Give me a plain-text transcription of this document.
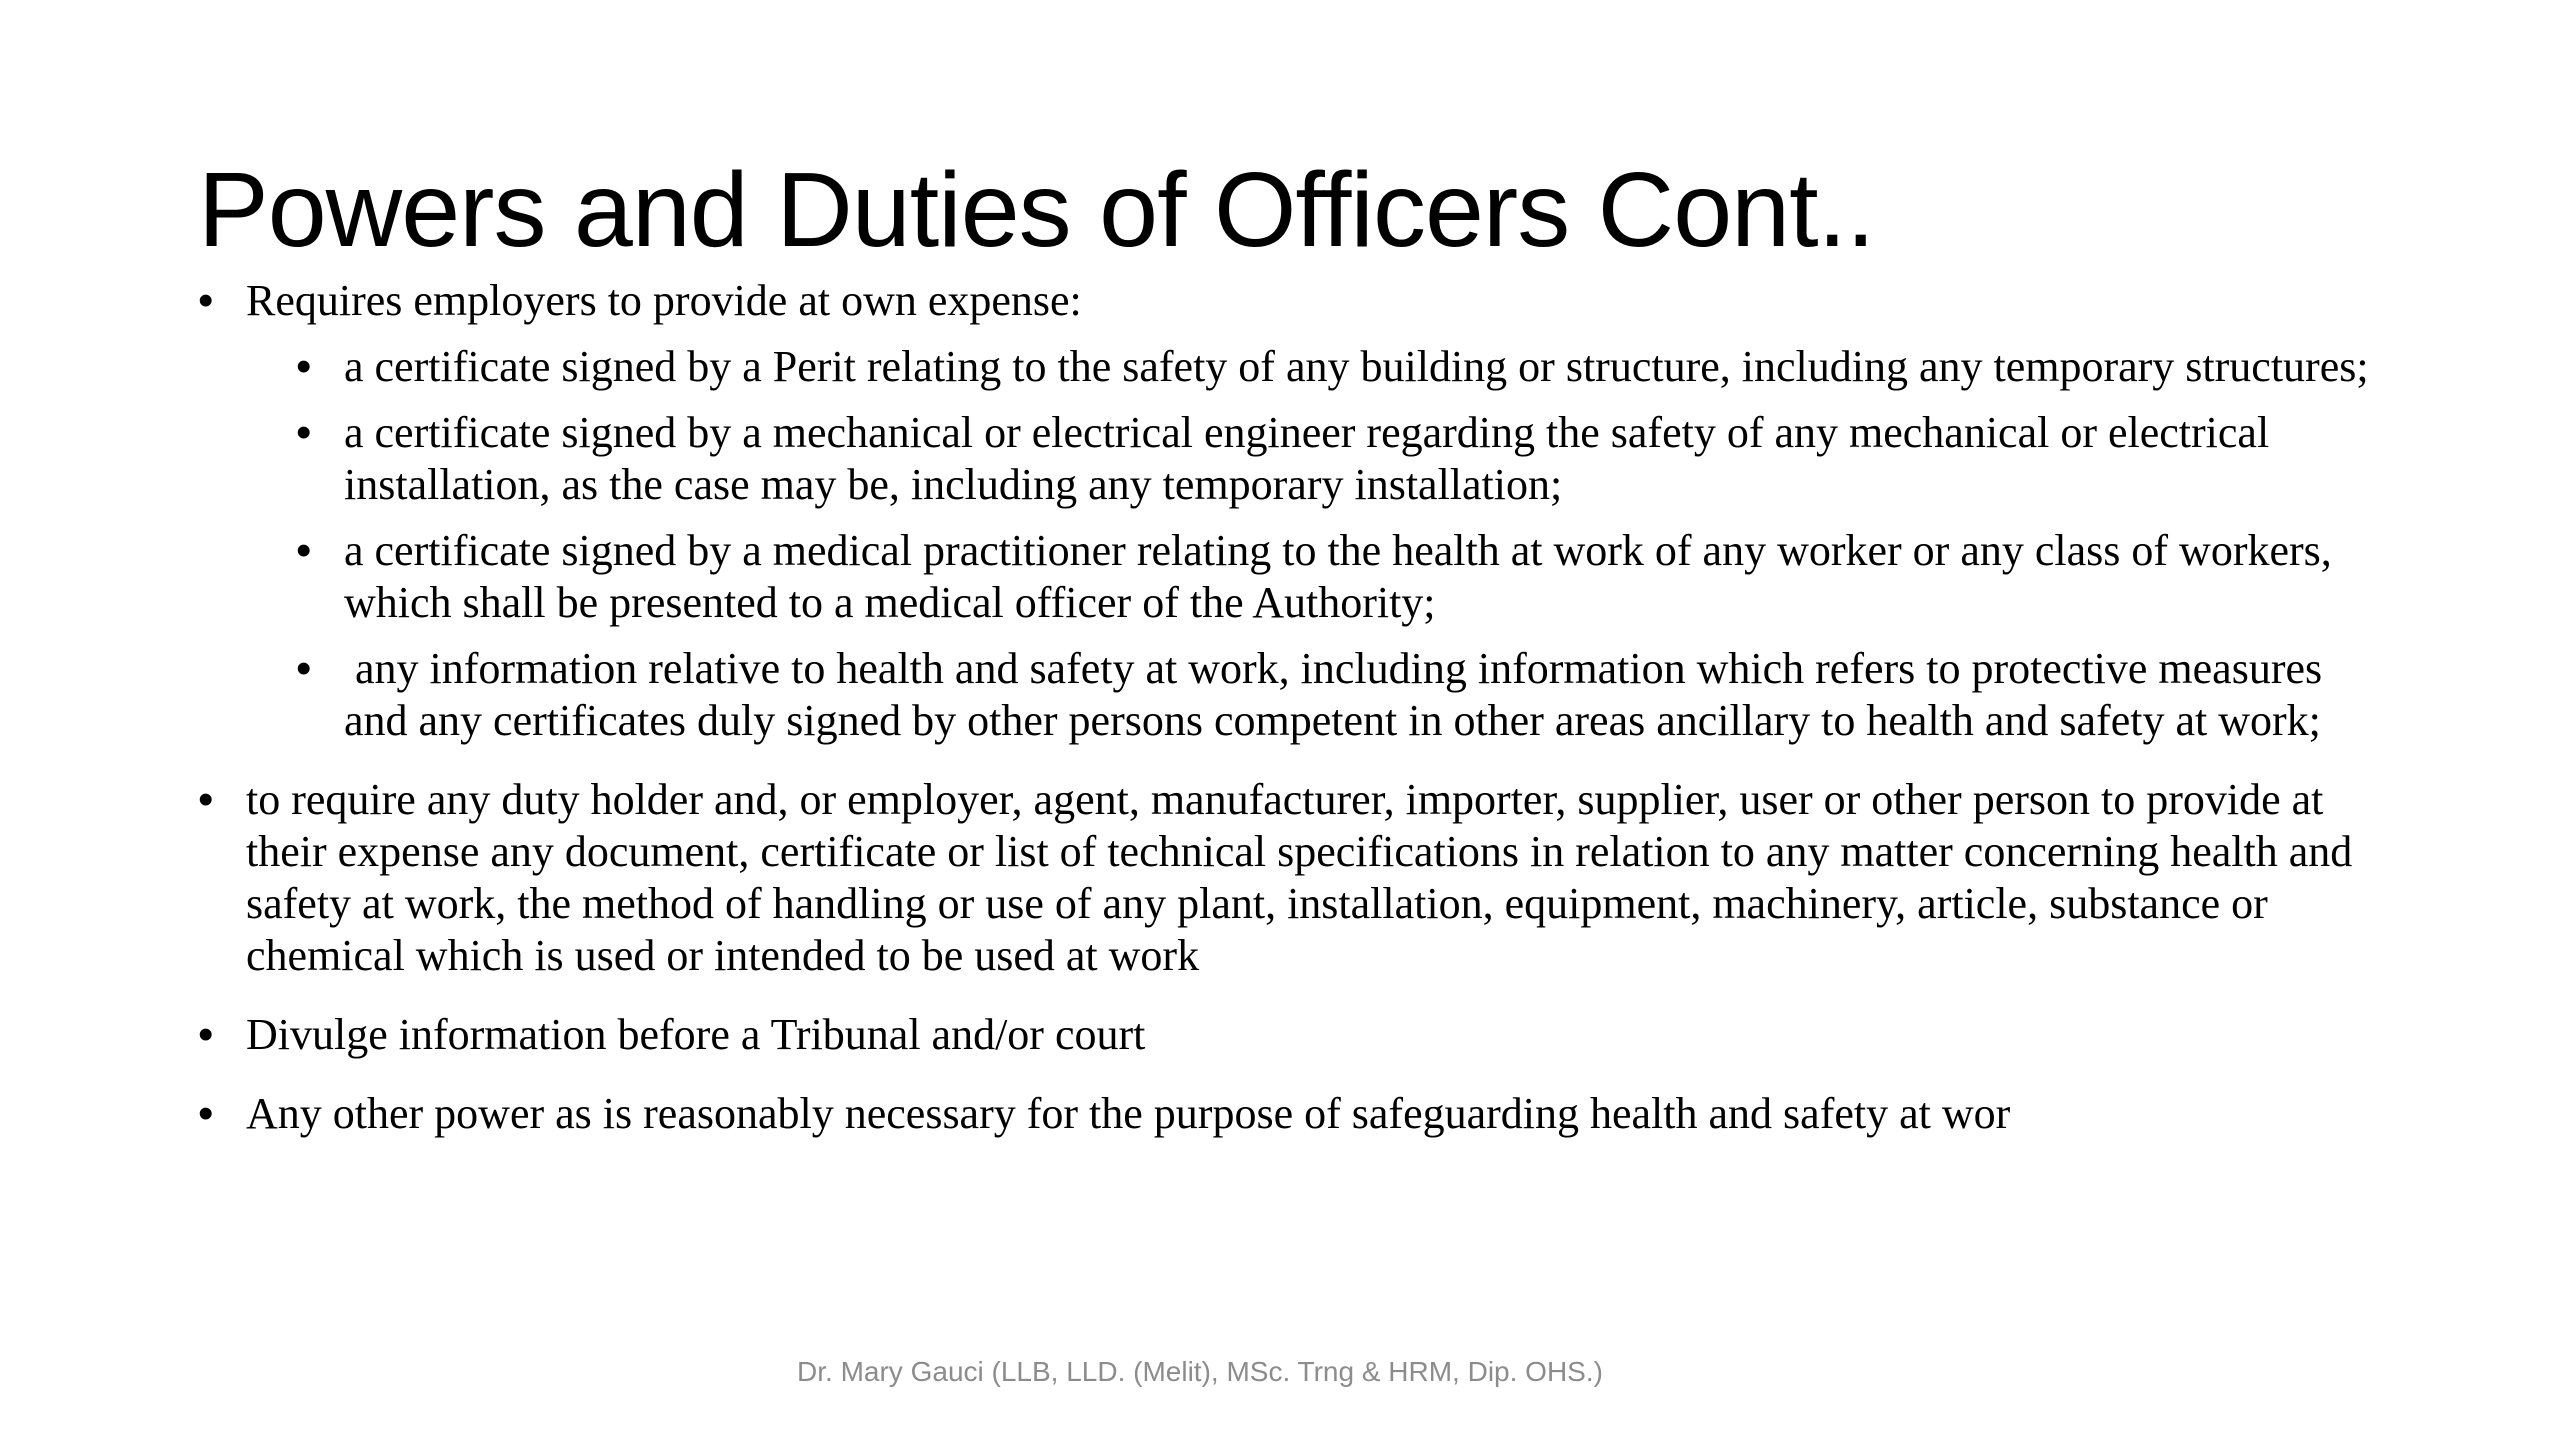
Powers and Duties of Officers Cont..
• Requires employers to provide at own expense:
• a certificate signed by a Perit relating to the safety of any building or structure, including any temporary structures;
• a certificate signed by a mechanical or electrical engineer regarding the safety of any mechanical or electrical installation, as the case may be, including any temporary installation;
• a certificate signed by a medical practitioner relating to the health at work of any worker or any class of workers, which shall be presented to a medical officer of the Authority;
• any information relative to health and safety at work, including information which refers to protective measures and any certificates duly signed by other persons competent in other areas ancillary to health and safety at work;
• to require any duty holder and, or employer, agent, manufacturer, importer, supplier, user or other person to provide at their expense any document, certificate or list of technical specifications in relation to any matter concerning health and safety at work, the method of handling or use of any plant, installation, equipment, machinery, article, substance or chemical which is used or intended to be used at work
• Divulge information before a Tribunal and/or court
• Any other power as is reasonably necessary for the purpose of safeguarding health and safety at wor
Dr. Mary Gauci (LLB, LLD. (Melit), MSc. Trng & HRM, Dip. OHS.)
